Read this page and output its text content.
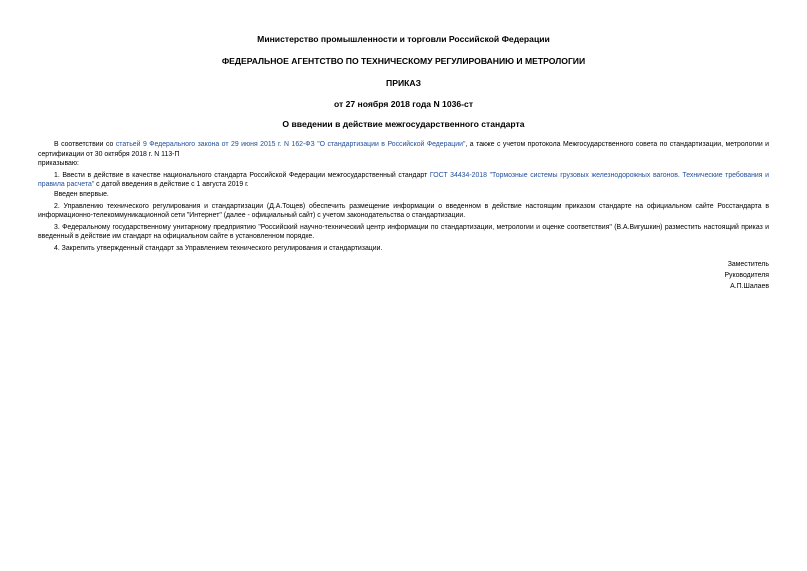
Министерство промышленности и торговли Российской Федерации
ФЕДЕРАЛЬНОЕ АГЕНТСТВО ПО ТЕХНИЧЕСКОМУ РЕГУЛИРОВАНИЮ И МЕТРОЛОГИИ
ПРИКАЗ
от 27 ноября 2018 года N 1036-ст
О введении в действие межгосударственного стандарта

В соответствии со статьей 9 Федерального закона от 29 июня 2015 г. N 162-ФЗ "О стандартизации в Российской Федерации", а также с учетом протокола Межгосударственного совета по стандартизации, метрологии и сертификации от 30 октября 2018 г. N 113-П

приказываю:

1. Ввести в действие в качестве национального стандарта Российской Федерации межгосударственный стандарт ГОСТ 34434-2018 "Тормозные системы грузовых железнодорожных вагонов. Технические требования и правила расчета" с датой введения в действие с 1 августа 2019 г.

Введен впервые.

2. Управлению технического регулирования и стандартизации (Д.А.Тощев) обеспечить размещение информации о введенном в действие настоящим приказом стандарте на официальном сайте Росстандарта в информационно-телекоммуникационной сети "Интернет" (далее - официальный сайт) с учетом законодательства о стандартизации.

3. Федеральному государственному унитарному предприятию "Российский научно-технический центр информации по стандартизации, метрологии и оценке соответствия" (В.А.Вигушкин) разместить настоящий приказ и введенный в действие им стандарт на официальном сайте в установленном порядке.

4. Закрепить утвержденный стандарт за Управлением технического регулирования и стандартизации.

Заместитель
Руководителя
А.П.Шалаев
